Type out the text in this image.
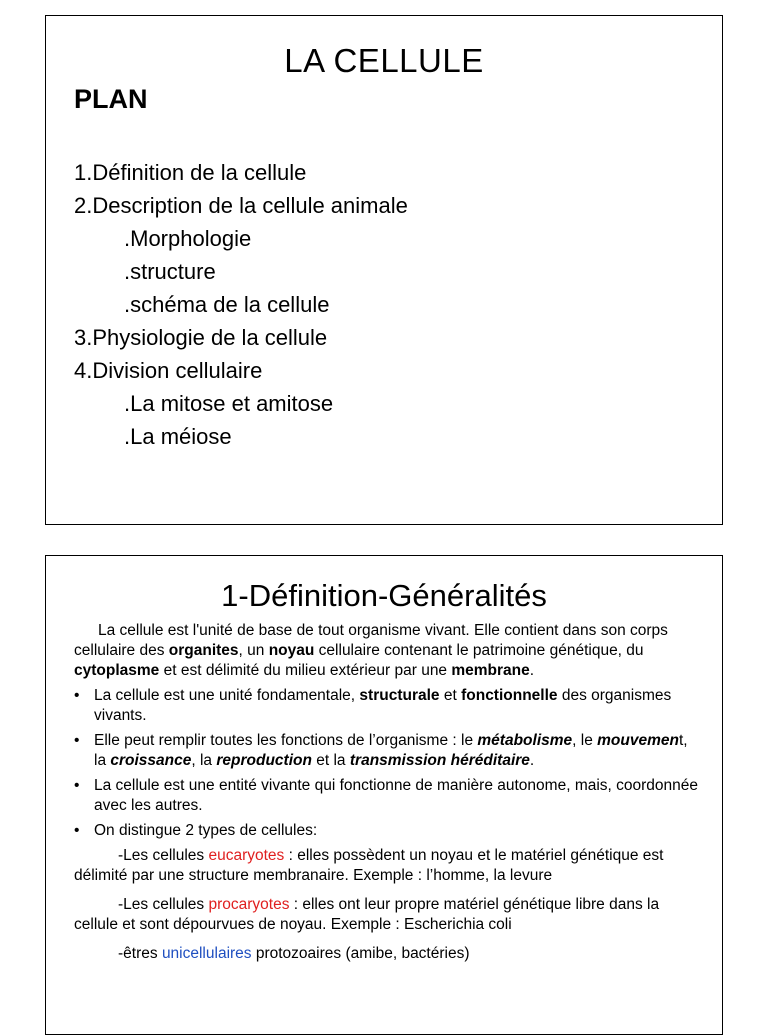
LA CELLULE
PLAN
1.Définition de la cellule
2.Description de la cellule animale
.Morphologie
.structure
.schéma de la cellule
3.Physiologie de la cellule
4.Division cellulaire
.La mitose et amitose
.La méiose
1-Définition-Généralités

La cellule est l'unité de base de tout organisme vivant. Elle contient dans son corps cellulaire des organites, un noyau cellulaire contenant le patrimoine génétique, du cytoplasme et est délimité du milieu extérieur par une membrane.

• La cellule est une unité fondamentale, structurale et fonctionnelle des organismes vivants.
• Elle peut remplir toutes les fonctions de l’organisme : le métabolisme, le mouvement, la croissance, la reproduction et la transmission héréditaire.
• La cellule est une entité vivante qui fonctionne de manière autonome, mais, coordonnée avec les autres.
• On distingue 2 types de cellules:

-Les cellules eucaryotes : elles possèdent un noyau et le matériel génétique est délimité par une structure membranaire. Exemple : l’homme, la levure

-Les cellules procaryotes : elles ont leur propre matériel génétique libre dans la cellule et sont dépourvues de noyau. Exemple : Escherichia coli

-êtres unicellulaires protozoaires (amibe, bactéries)
